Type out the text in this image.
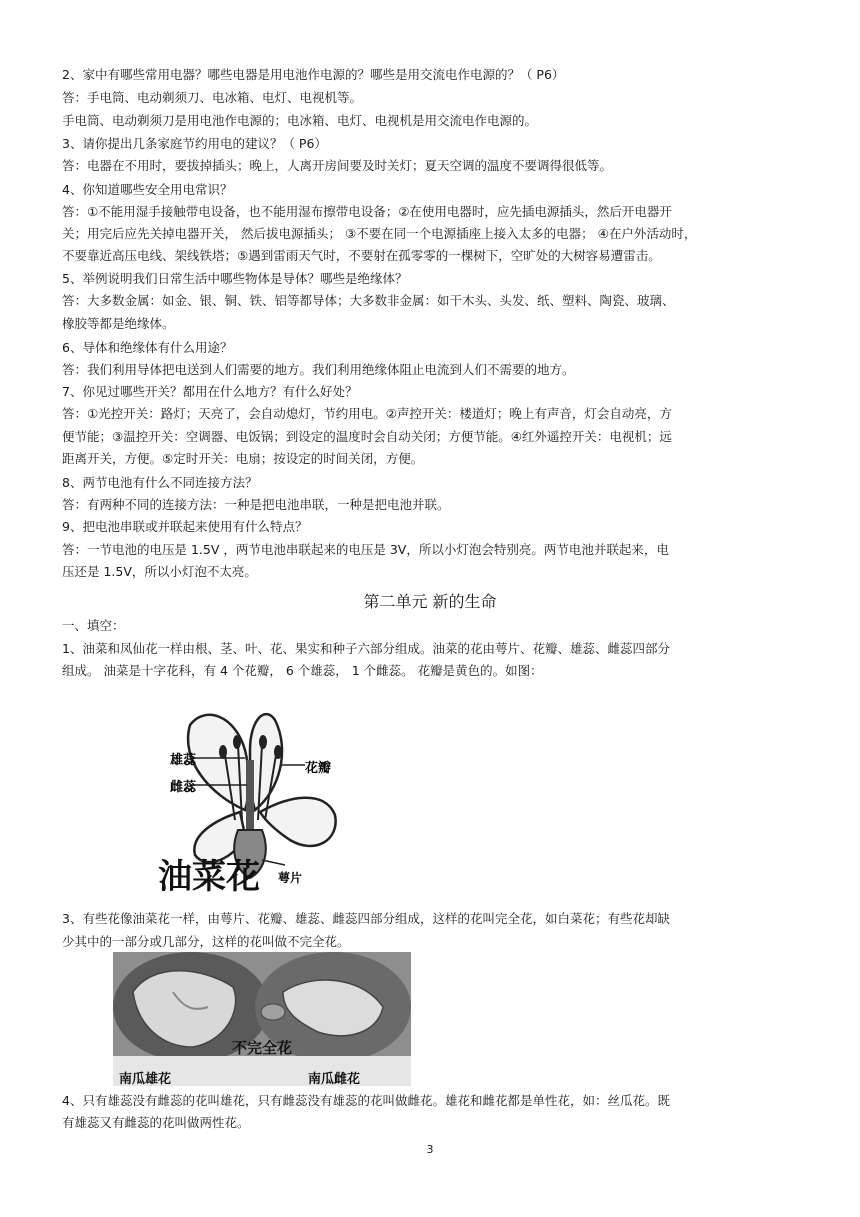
2、家中有哪些常用电器？哪些电器是用电池作电源的？哪些是用交流电作电源的？（ P6）
答：手电筒、电动剃须刀、电冰箱、电灯、电视机等。
手电筒、电动剃须刀是用电池作电源的；电冰箱、电灯、电视机是用交流电作电源的。
3、请你提出几条家庭节约用电的建议？（ P6）
答：电器在不用时，要拔掉插头；晚上，人离开房间要及时关灯；夏天空调的温度不要调得很低等。
4、你知道哪些安全用电常识？
答：①不能用湿手接触带电设备，也不能用湿布擦带电设备；②在使用电器时，应先插电源插头，然后开电器开
关；用完后应先关掉电器开关， 然后拔电源插头； ③不要在同一个电源插座上接入太多的电器； ④在户外活动时，
不要靠近高压电线、架线铁塔；⑤遇到雷雨天气时，不要射在孤零零的一棵树下，空旷处的大树容易遭雷击。
5、举例说明我们日常生活中哪些物体是导体？哪些是绝缘体？
答：大多数金属：如金、银、铜、铁、铝等都导体；大多数非金属：如干木头、头发、纸、塑料、陶瓷、玻璃、
橡胶等都是绝缘体。
6、导体和绝缘体有什么用途？
答：我们利用导体把电送到人们需要的地方。我们利用绝缘体阻止电流到人们不需要的地方。
7、你见过哪些开关？都用在什么地方？有什么好处？
答：①光控开关：路灯；天亮了，会自动熄灯，节约用电。②声控开关：楼道灯；晚上有声音，灯会自动亮，方
便节能；③温控开关：空调器、电饭锅；到设定的温度时会自动关闭；方便节能。④红外遥控开关：电视机；远
距离开关，方便。⑤定时开关：电扇；按设定的时间关闭，方便。
8、两节电池有什么不同连接方法？
答：有两种不同的连接方法：一种是把电池串联，一种是把电池并联。
9、把电池串联或并联起来使用有什么特点？
答：一节电池的电压是 1.5V ，两节电池串联起来的电压是 3V，所以小灯泡会特别亮。两节电池并联起来，电
压还是 1.5V，所以小灯泡不太亮。
第二单元 新的生命
一、填空：
1、油菜和凤仙花一样由根、茎、叶、花、果实和种子六部分组成。油菜的花由萼片、花瓣、雄蕊、雌蕊四部分
组成。 油菜是十字花科，有 4 个花瓣， 6 个雄蕊， 1 个雌蕊。 花瓣是黄色的。如图：
雄蕊
雌蕊
花瓣
萼片
油菜花
3、有些花像油菜花一样，由萼片、花瓣、雄蕊、雌蕊四部分组成，这样的花叫完全花，如白菜花；有些花却缺
少其中的一部分或几部分，这样的花叫做不完全花。
不完全花
南瓜雄花	南瓜雌花
4、只有雄蕊没有雌蕊的花叫雄花，只有雌蕊没有雄蕊的花叫做雌花。雄花和雌花都是单性花，如：丝瓜花。既
有雄蕊又有雌蕊的花叫做两性花。
3
